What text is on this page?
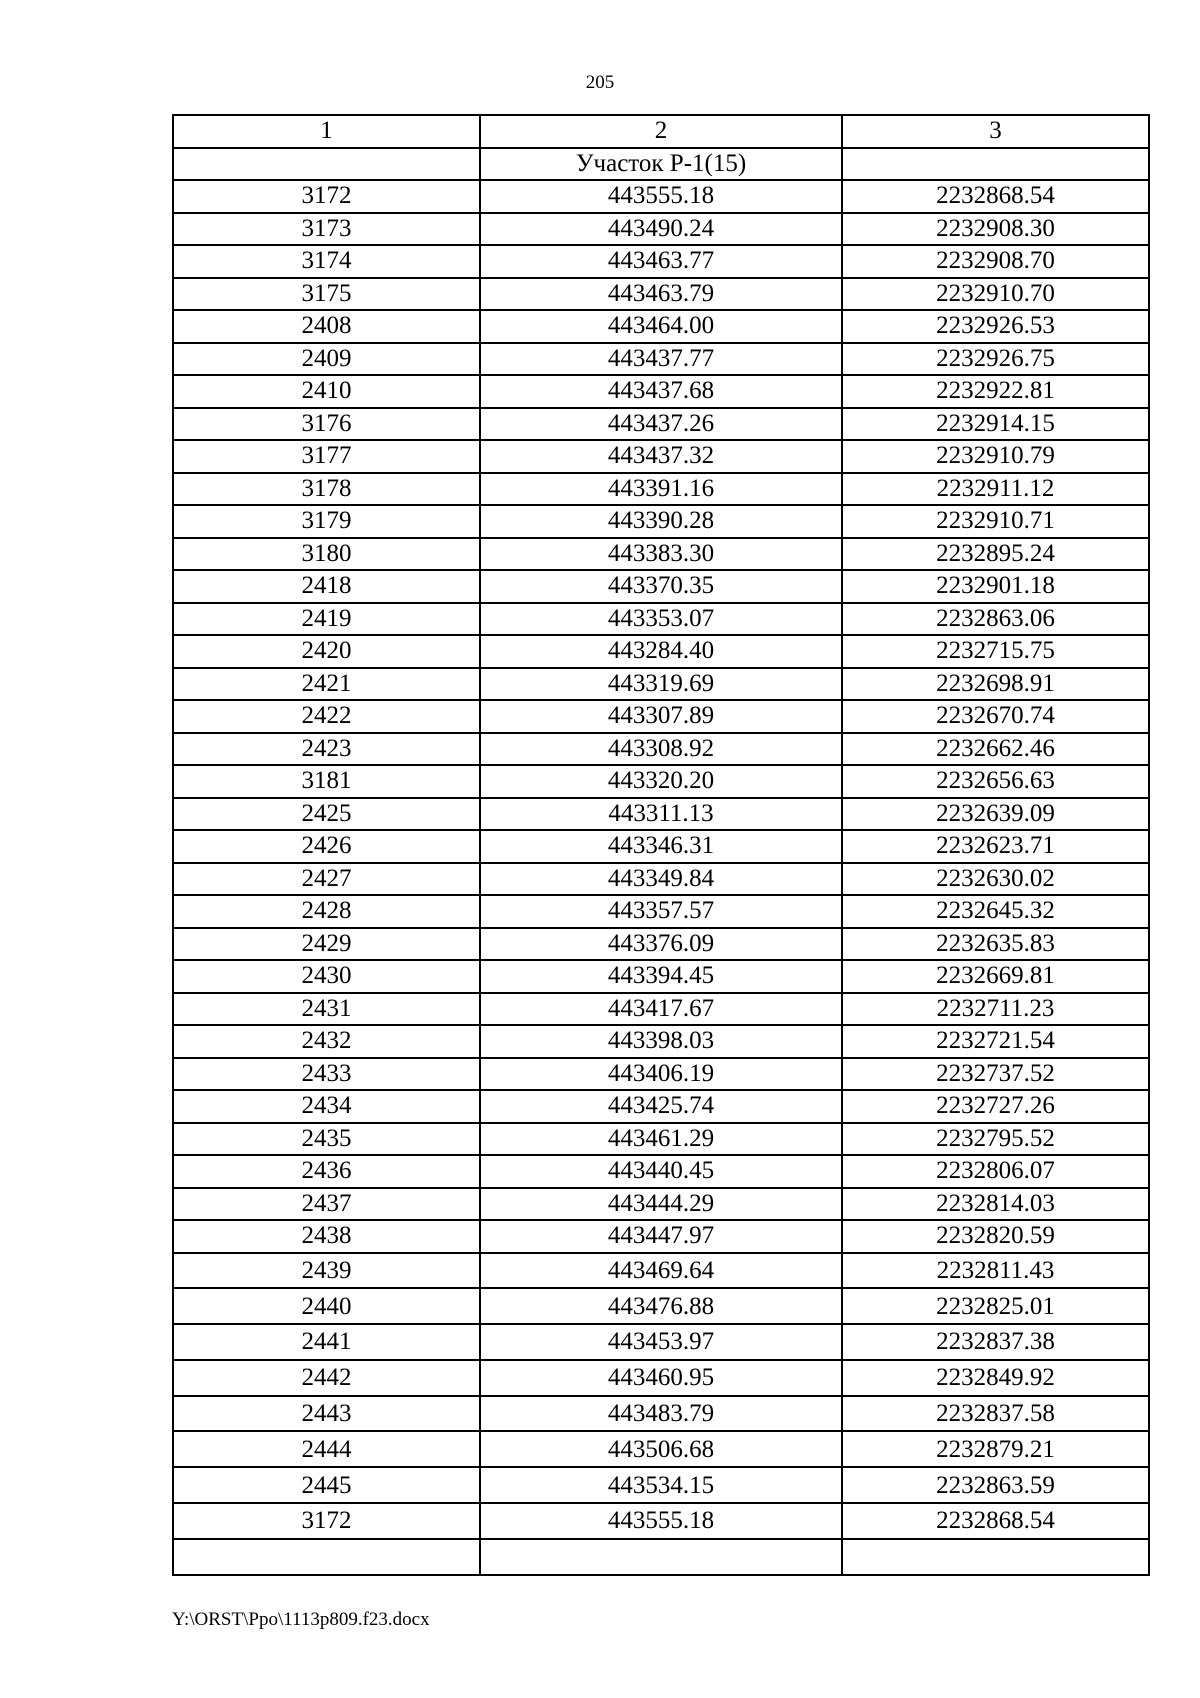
205
1	2	3
	Участок Р-1(15)	
3172	443555.18	2232868.54
3173	443490.24	2232908.30
3174	443463.77	2232908.70
3175	443463.79	2232910.70
2408	443464.00	2232926.53
2409	443437.77	2232926.75
2410	443437.68	2232922.81
3176	443437.26	2232914.15
3177	443437.32	2232910.79
3178	443391.16	2232911.12
3179	443390.28	2232910.71
3180	443383.30	2232895.24
2418	443370.35	2232901.18
2419	443353.07	2232863.06
2420	443284.40	2232715.75
2421	443319.69	2232698.91
2422	443307.89	2232670.74
2423	443308.92	2232662.46
3181	443320.20	2232656.63
2425	443311.13	2232639.09
2426	443346.31	2232623.71
2427	443349.84	2232630.02
2428	443357.57	2232645.32
2429	443376.09	2232635.83
2430	443394.45	2232669.81
2431	443417.67	2232711.23
2432	443398.03	2232721.54
2433	443406.19	2232737.52
2434	443425.74	2232727.26
2435	443461.29	2232795.52
2436	443440.45	2232806.07
2437	443444.29	2232814.03
2438	443447.97	2232820.59
2439	443469.64	2232811.43
2440	443476.88	2232825.01
2441	443453.97	2232837.38
2442	443460.95	2232849.92
2443	443483.79	2232837.58
2444	443506.68	2232879.21
2445	443534.15	2232863.59
3172	443555.18	2232868.54

Y:\ORST\Ppo\1113p809.f23.docx
